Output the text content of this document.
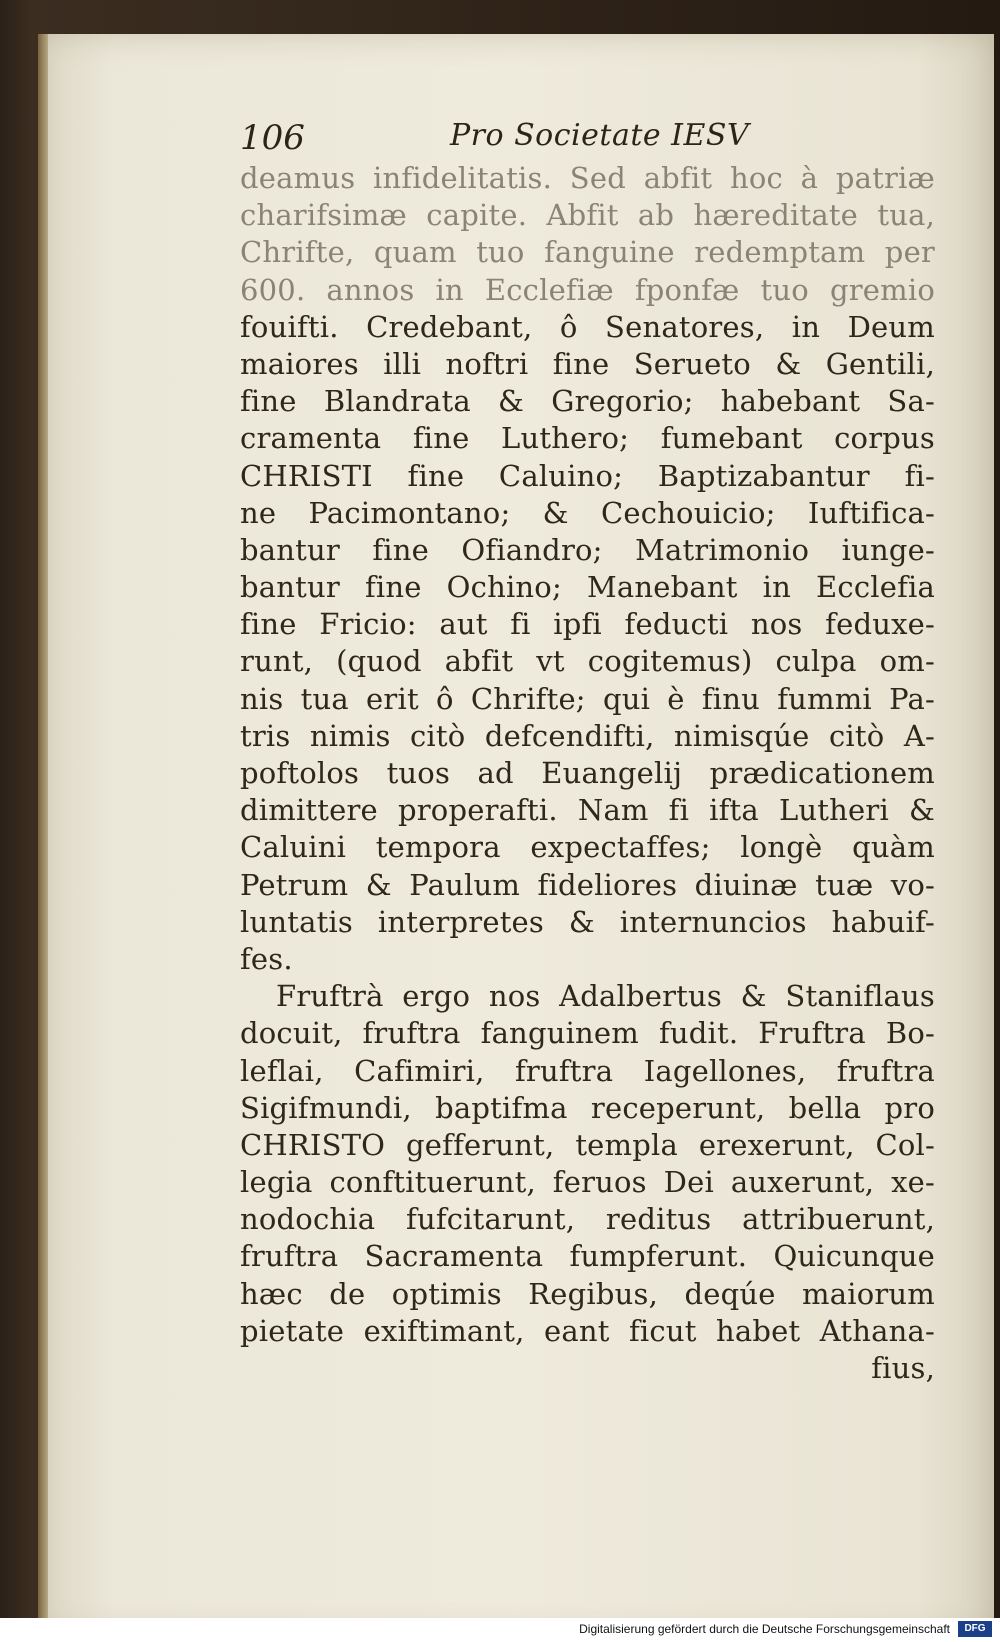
106	Pro Societate IESV
deamus infidelitatis. Sed abfit hoc à patriæ
charifsimæ capite. Abfit ab hæreditate tua,
Chrifte, quam tuo fanguine redemptam per
600. annos in Ecclefiæ fponfæ tuo gremio
fouifti. Credebant, ô Senatores, in Deum
maiores illi noftri fine Serueto & Gentili,
fine Blandrata & Gregorio; habebant Sa-
cramenta fine Luthero; fumebant corpus
CHRISTI fine Caluino; Baptizabantur fi-
ne Pacimontano; & Cechouicio; Iuftifica-
bantur fine Ofiandro; Matrimonio iunge-
bantur fine Ochino; Manebant in Ecclefia
fine Fricio: aut fi ipfi feducti nos feduxe-
runt, (quod abfit vt cogitemus) culpa om-
nis tua erit ô Chrifte; qui è finu fummi Pa-
tris nimis citò defcendifti, nimisqúe citò A-
poftolos tuos ad Euangelij prædicationem
dimittere properafti. Nam fi ifta Lutheri &
Caluini tempora expectaffes; longè quàm
Petrum & Paulum fideliores diuinæ tuæ vo-
luntatis interpretes & internuncios habuif-
fes.
Fruftrà ergo nos Adalbertus & Staniflaus
docuit, fruftra fanguinem fudit. Fruftra Bo-
leflai, Cafimiri, fruftra Iagellones, fruftra
Sigifmundi, baptifma receperunt, bella pro
CHRISTO gefferunt, templa erexerunt, Col-
legia conftituerunt, feruos Dei auxerunt, xe-
nodochia fufcitarunt, reditus attribuerunt,
fruftra Sacramenta fumpferunt. Quicunque
hæc de optimis Regibus, deqúe maiorum
pietate exiftimant, eant ficut habet Athana-
fius,
Digitalisierung gefördert durch die Deutsche Forschungsgemeinschaft	DFG
